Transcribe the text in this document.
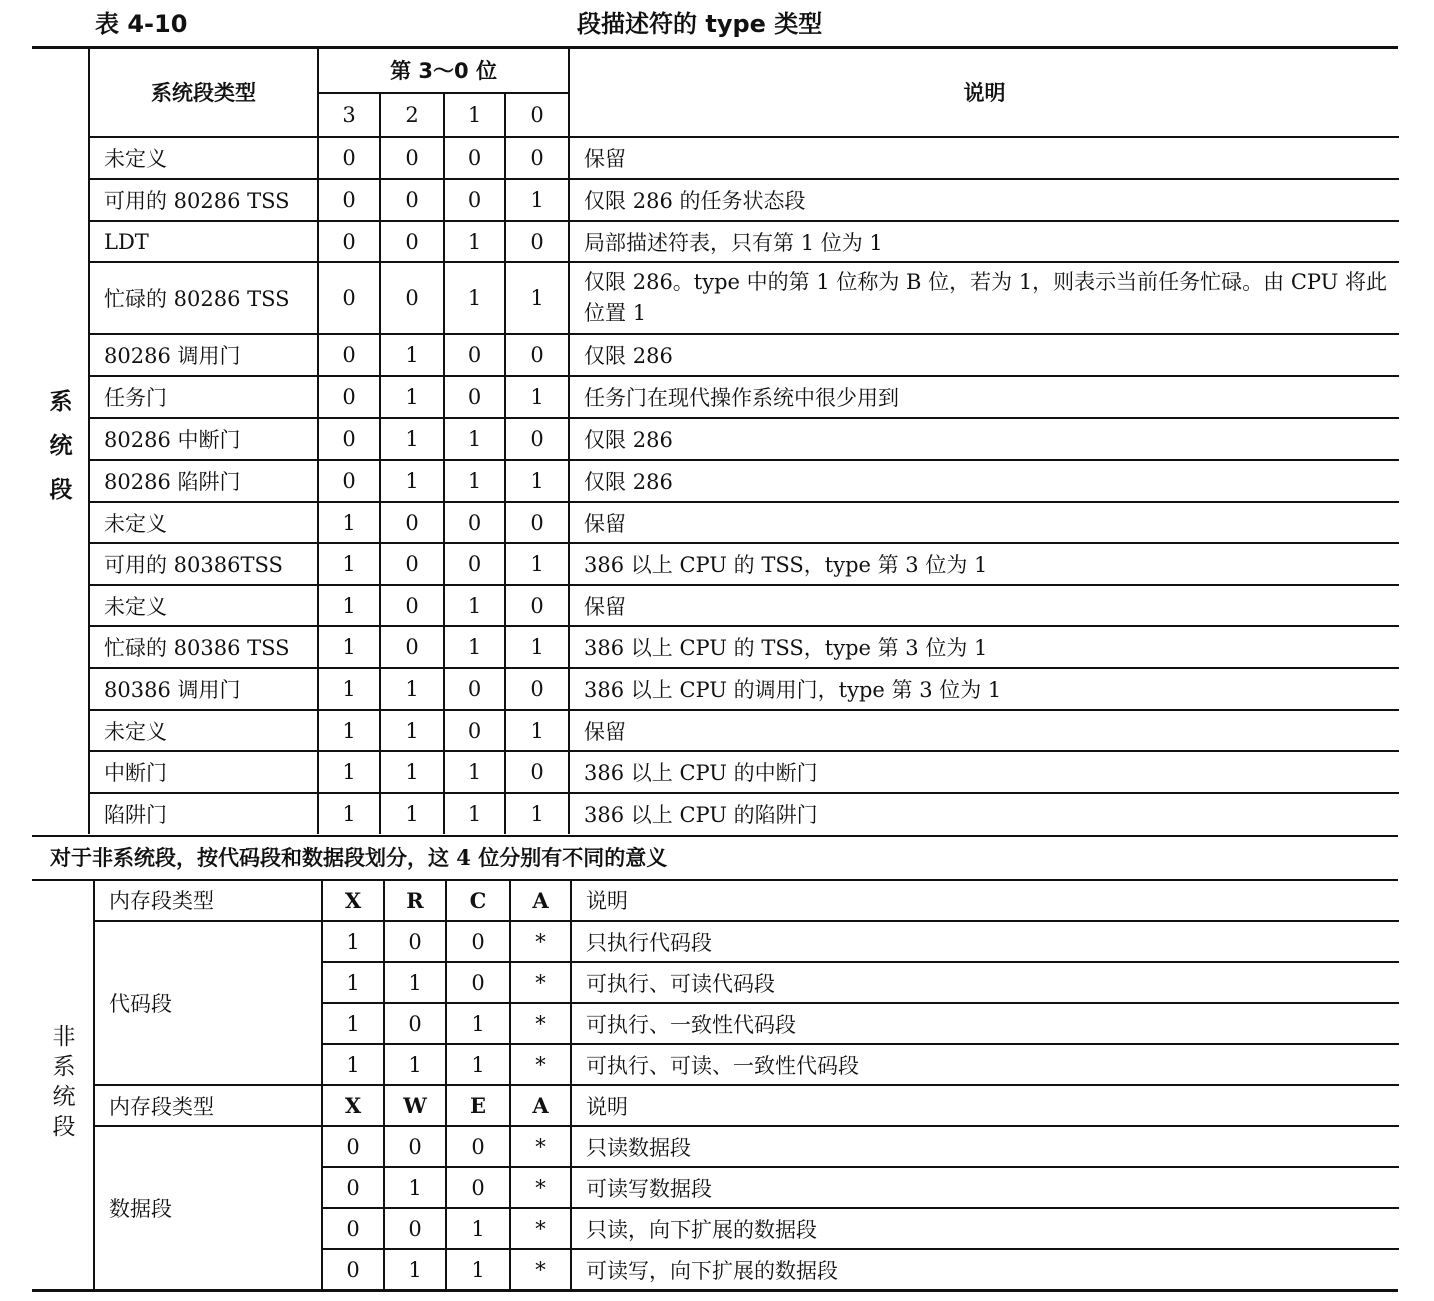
表 4-10	段描述符的 type 类型
系
统
段
非
系
统
段
对于非系统段，按代码段和数据段划分，这 4 位分别有不同的意义
系统段类型	第 3～0 位				说明
	3	2	1	0	
未定义	0	0	0	0	保留
可用的 80286 TSS	0	0	0	1	仅限 286 的任务状态段
LDT	0	0	1	0	局部描述符表，只有第 1 位为 1
忙碌的 80286 TSS	0	0	1	1	仅限 286。type 中的第 1 位称为 B 位，若为 1，则表示当前任务忙碌。由 CPU 将此位置 1
80286 调用门	0	1	0	0	仅限 286
任务门	0	1	0	1	任务门在现代操作系统中很少用到
80286 中断门	0	1	1	0	仅限 286
80286 陷阱门	0	1	1	1	仅限 286
未定义	1	0	0	0	保留
可用的 80386TSS	1	0	0	1	386 以上 CPU 的 TSS，type 第 3 位为 1
未定义	1	0	1	0	保留
忙碌的 80386 TSS	1	0	1	1	386 以上 CPU 的 TSS，type 第 3 位为 1
80386 调用门	1	1	0	0	386 以上 CPU 的调用门，type 第 3 位为 1
未定义	1	1	0	1	保留
中断门	1	1	1	0	386 以上 CPU 的中断门
陷阱门	1	1	1	1	386 以上 CPU 的陷阱门
内存段类型	X	R	C	A	说明
代码段	1	0	0	*	只执行代码段
	1	1	0	*	可执行、可读代码段
	1	0	1	*	可执行、一致性代码段
	1	1	1	*	可执行、可读、一致性代码段
内存段类型	X	W	E	A	说明
数据段	0	0	0	*	只读数据段
	0	1	0	*	可读写数据段
	0	0	1	*	只读，向下扩展的数据段
	0	1	1	*	可读写，向下扩展的数据段
